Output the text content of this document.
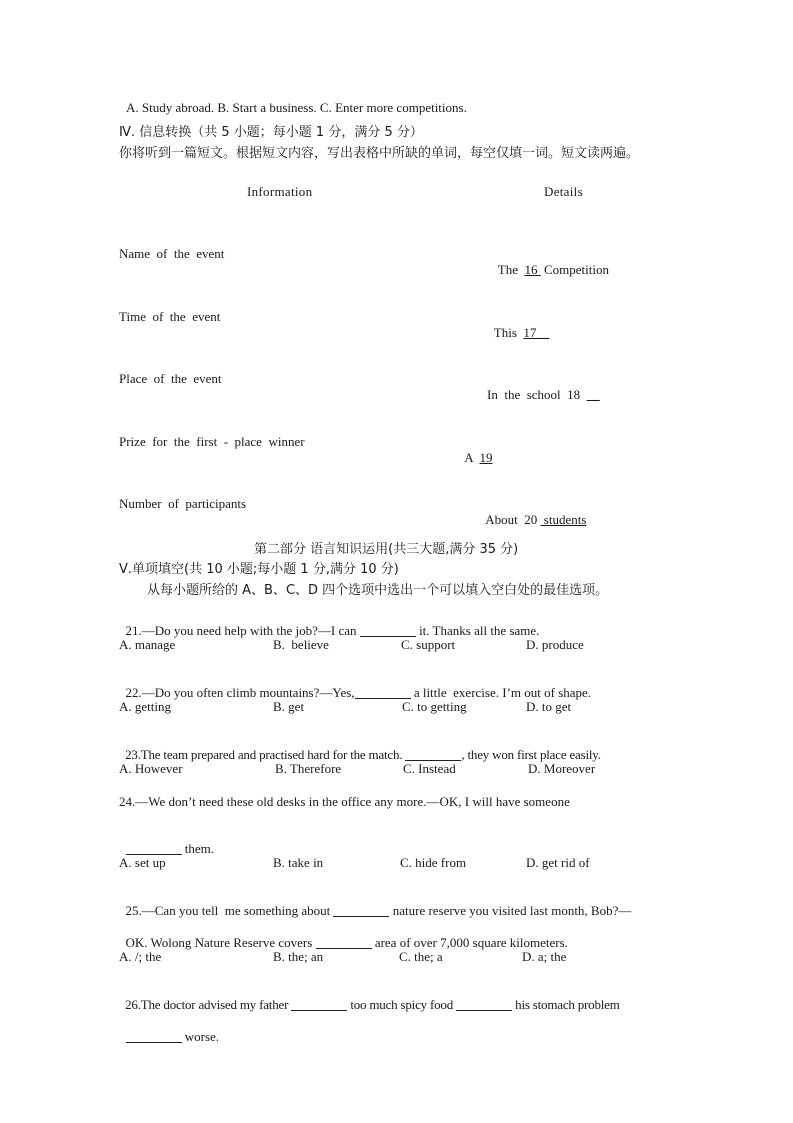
A. Study abroad. B. Start a business. C. Enter more competitions.
Ⅳ. 信息转换（共 5 小题；每小题 1 分，满分 5 分）
你将听到一篇短文。根据短文内容，写出表格中所缺的单词，每空仅填一词。短文读两遍。
Information	Details
Name  of  the  event

The  16  Competition

Time  of  the  event

This  17__

Place  of  the  event

In  the  school  18  __

Prize  for  the  first  -  place  winner

A  19

Number  of  participants

About  20  students

第二部分 语言知识运用(共三大题,满分 35 分)
Ⅴ.单项填空(共 10 小题;每小题 1 分,满分 10 分)
从每小题所给的 A、B、C、D 四个选项中选出一个可以填入空白处的最佳选项。

21.—Do you need help with the job?—I can	it. Thanks all the same.

A. manage	B.  believe	C. support	D. produce

22.—Do you often climb mountains?—Yes,	a little  exercise. I’m out of shape.

A. getting	B. get	C. to getting	D. to get

23.The team prepared and practised hard for the match.	, they won first place easily.

A. However	B. Therefore	C. Instead	D. Moreover
24.—We don’t need these old desks in the office any more.—OK, I will have someone

them.

A. set up	B. take in	C. hide from	D. get rid of

25.—Can you tell  me something about	nature reserve you visited last month, Bob?—

OK. Wolong Nature Reserve covers	area of over 7,000 square kilometers.

A. /; the	B. the; an	C. the; a	D. a; the

26.The doctor advised my father	too much spicy food	his stomach problem

worse.
